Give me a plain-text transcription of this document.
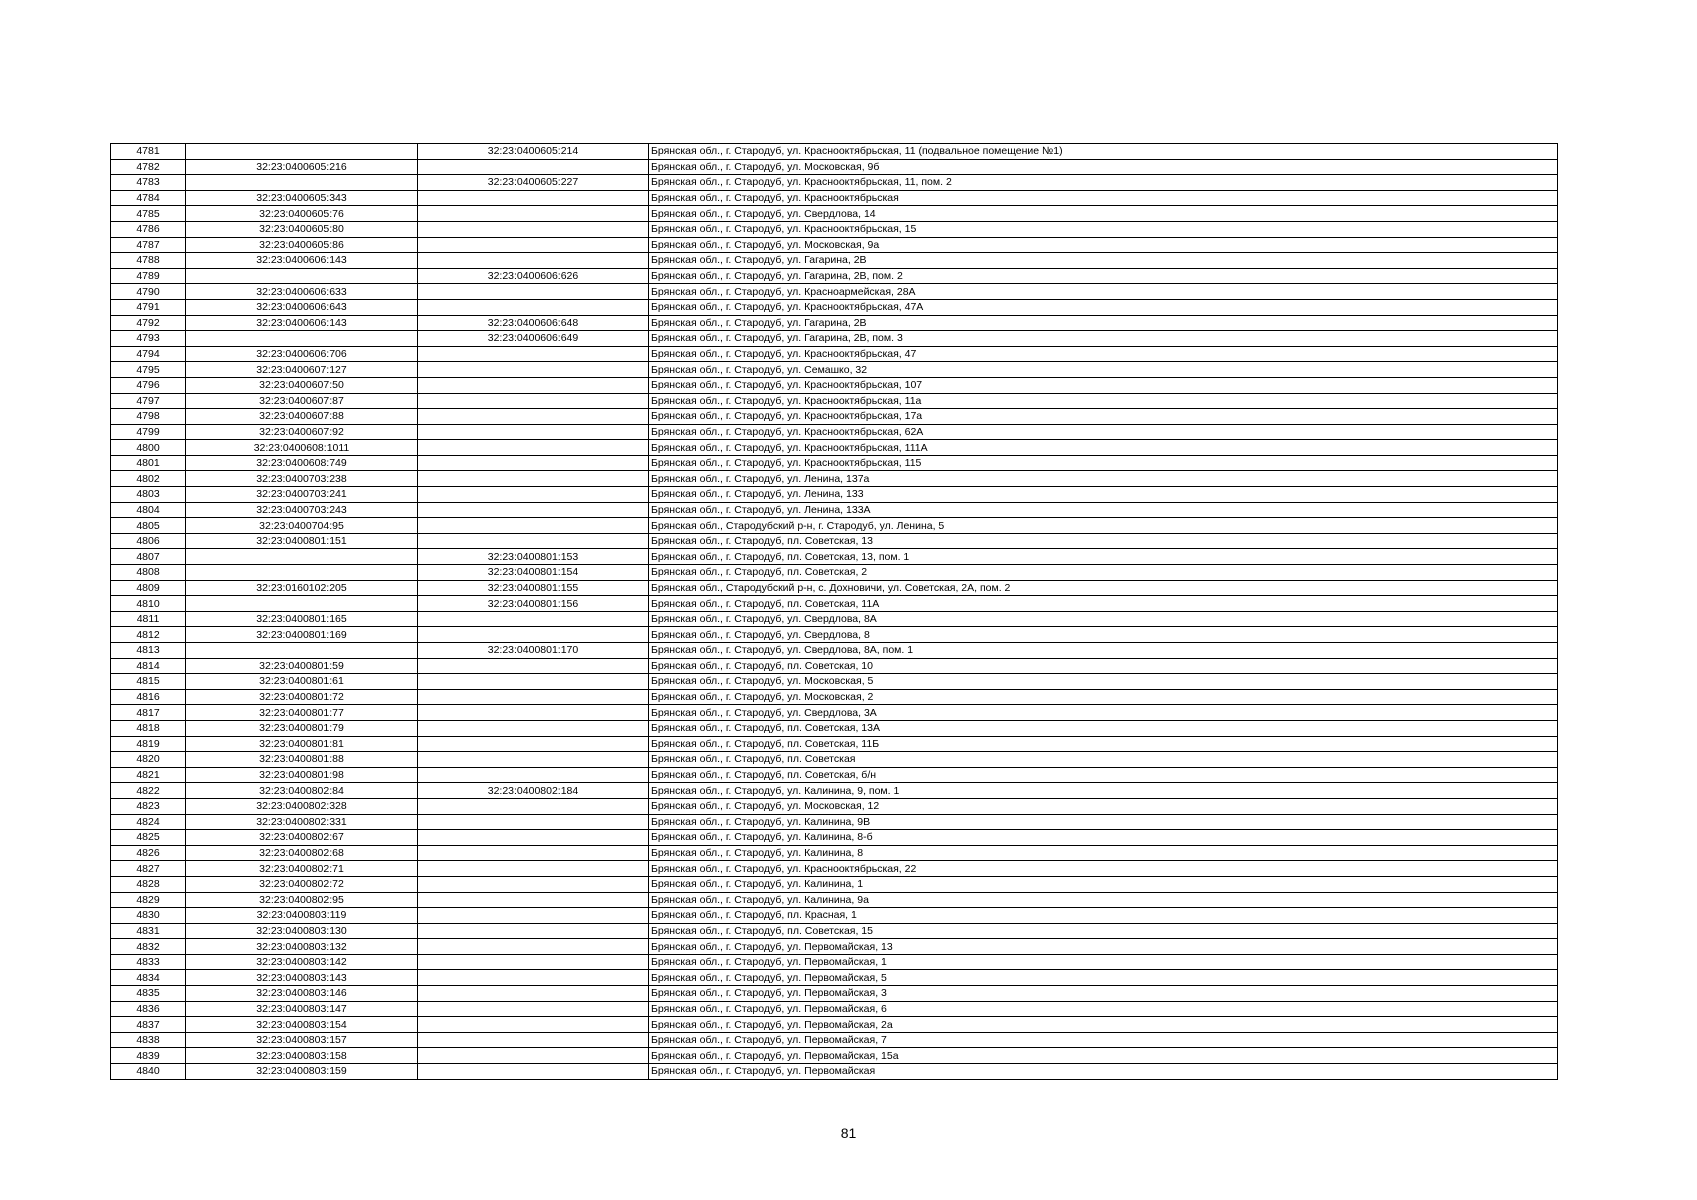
4781		32:23:0400605:214	Брянская обл., г. Стародуб, ул. Краснооктябрьская, 11 (подвальное помещение №1)
4782	32:23:0400605:216		Брянская обл., г. Стародуб, ул. Московская, 9б
4783		32:23:0400605:227	Брянская обл., г. Стародуб, ул. Краснооктябрьская, 11, пом. 2
4784	32:23:0400605:343		Брянская обл., г. Стародуб, ул. Краснооктябрьская
4785	32:23:0400605:76		Брянская обл., г. Стародуб, ул. Свердлова, 14
4786	32:23:0400605:80		Брянская обл., г. Стародуб, ул. Краснооктябрьская, 15
4787	32:23:0400605:86		Брянская обл., г. Стародуб, ул. Московская, 9а
4788	32:23:0400606:143		Брянская обл., г. Стародуб, ул. Гагарина, 2В
4789		32:23:0400606:626	Брянская обл., г. Стародуб, ул. Гагарина, 2В, пом. 2
4790	32:23:0400606:633		Брянская обл., г. Стародуб, ул. Красноармейская, 28А
4791	32:23:0400606:643		Брянская обл., г. Стародуб, ул. Краснооктябрьская, 47А
4792	32:23:0400606:143	32:23:0400606:648	Брянская обл., г. Стародуб, ул. Гагарина, 2В
4793		32:23:0400606:649	Брянская обл., г. Стародуб, ул. Гагарина, 2В, пом. 3
4794	32:23:0400606:706		Брянская обл., г. Стародуб, ул. Краснооктябрьская, 47
4795	32:23:0400607:127		Брянская обл., г. Стародуб, ул. Семашко, 32
4796	32:23:0400607:50		Брянская обл., г. Стародуб, ул. Краснооктябрьская, 107
4797	32:23:0400607:87		Брянская обл., г. Стародуб, ул. Краснооктябрьская, 11а
4798	32:23:0400607:88		Брянская обл., г. Стародуб, ул. Краснооктябрьская, 17а
4799	32:23:0400607:92		Брянская обл., г. Стародуб, ул. Краснооктябрьская, 62А
4800	32:23:0400608:1011		Брянская обл., г. Стародуб, ул. Краснооктябрьская, 111А
4801	32:23:0400608:749		Брянская обл., г. Стародуб, ул. Краснооктябрьская, 115
4802	32:23:0400703:238		Брянская обл., г. Стародуб, ул. Ленина, 137а
4803	32:23:0400703:241		Брянская обл., г. Стародуб, ул. Ленина, 133
4804	32:23:0400703:243		Брянская обл., г. Стародуб, ул. Ленина, 133А
4805	32:23:0400704:95		Брянская обл., Стародубский р-н, г. Стародуб, ул. Ленина, 5
4806	32:23:0400801:151		Брянская обл., г. Стародуб, пл. Советская, 13
4807		32:23:0400801:153	Брянская обл., г. Стародуб, пл. Советская, 13, пом. 1
4808		32:23:0400801:154	Брянская обл., г. Стародуб, пл. Советская, 2
4809	32:23:0160102:205	32:23:0400801:155	Брянская обл., Стародубский р-н, с. Дохновичи, ул. Советская, 2А, пом. 2
4810		32:23:0400801:156	Брянская обл., г. Стародуб, пл. Советская, 11А
4811	32:23:0400801:165		Брянская обл., г. Стародуб, ул. Свердлова, 8А
4812	32:23:0400801:169		Брянская обл., г. Стародуб, ул. Свердлова, 8
4813		32:23:0400801:170	Брянская обл., г. Стародуб, ул. Свердлова, 8А, пом. 1
4814	32:23:0400801:59		Брянская обл., г. Стародуб, пл. Советская, 10
4815	32:23:0400801:61		Брянская обл., г. Стародуб, ул. Московская, 5
4816	32:23:0400801:72		Брянская обл., г. Стародуб, ул. Московская, 2
4817	32:23:0400801:77		Брянская обл., г. Стародуб, ул. Свердлова, 3А
4818	32:23:0400801:79		Брянская обл., г. Стародуб, пл. Советская, 13А
4819	32:23:0400801:81		Брянская обл., г. Стародуб, пл. Советская, 11Б
4820	32:23:0400801:88		Брянская обл., г. Стародуб, пл. Советская
4821	32:23:0400801:98		Брянская обл., г. Стародуб, пл. Советская, б/н
4822	32:23:0400802:84	32:23:0400802:184	Брянская обл., г. Стародуб, ул. Калинина, 9, пом. 1
4823	32:23:0400802:328		Брянская обл., г. Стародуб, ул. Московская, 12
4824	32:23:0400802:331		Брянская обл., г. Стародуб, ул. Калинина, 9В
4825	32:23:0400802:67		Брянская обл., г. Стародуб, ул. Калинина, 8-б
4826	32:23:0400802:68		Брянская обл., г. Стародуб, ул. Калинина, 8
4827	32:23:0400802:71		Брянская обл., г. Стародуб, ул. Краснооктябрьская, 22
4828	32:23:0400802:72		Брянская обл., г. Стародуб, ул. Калинина, 1
4829	32:23:0400802:95		Брянская обл., г. Стародуб, ул. Калинина, 9а
4830	32:23:0400803:119		Брянская обл., г. Стародуб, пл. Красная, 1
4831	32:23:0400803:130		Брянская обл., г. Стародуб, пл. Советская, 15
4832	32:23:0400803:132		Брянская обл., г. Стародуб, ул. Первомайская, 13
4833	32:23:0400803:142		Брянская обл., г. Стародуб, ул. Первомайская, 1
4834	32:23:0400803:143		Брянская обл., г. Стародуб, ул. Первомайская, 5
4835	32:23:0400803:146		Брянская обл., г. Стародуб, ул. Первомайская, 3
4836	32:23:0400803:147		Брянская обл., г. Стародуб, ул. Первомайская, 6
4837	32:23:0400803:154		Брянская обл., г. Стародуб, ул. Первомайская, 2а
4838	32:23:0400803:157		Брянская обл., г. Стародуб, ул. Первомайская, 7
4839	32:23:0400803:158		Брянская обл., г. Стародуб, ул. Первомайская, 15а
4840	32:23:0400803:159		Брянская обл., г. Стародуб, ул. Первомайская
81
